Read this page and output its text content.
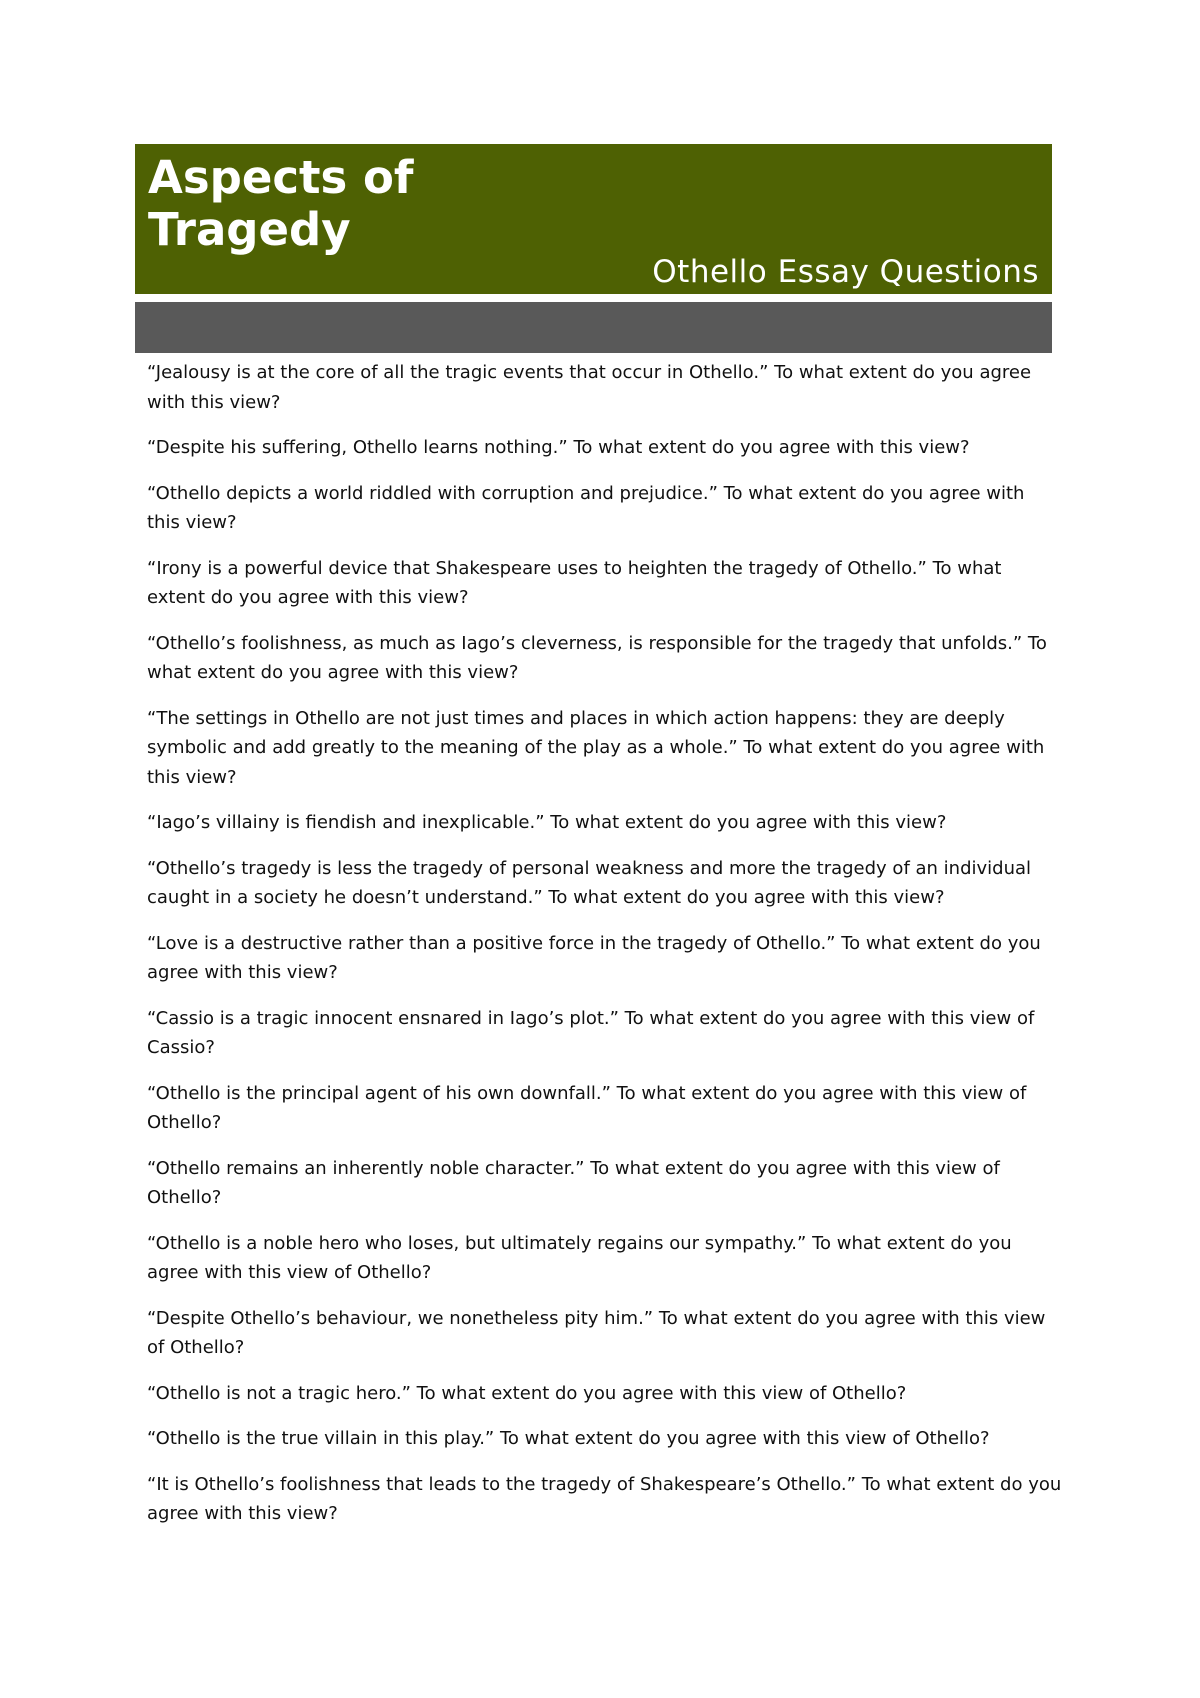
Aspects of Tragedy
Othello Essay Questions
“Jealousy is at the core of all the tragic events that occur in Othello.” To what extent do you agree with this view?
“Despite his suffering, Othello learns nothing.” To what extent do you agree with this view?
“Othello depicts a world riddled with corruption and prejudice.” To what extent do you agree with this view?
“Irony is a powerful device that Shakespeare uses to heighten the tragedy of Othello.” To what extent do you agree with this view?
“Othello’s foolishness, as much as Iago’s cleverness, is responsible for the tragedy that unfolds.” To what extent do you agree with this view?
“The settings in Othello are not just times and places in which action happens: they are deeply symbolic and add greatly to the meaning of the play as a whole.” To what extent do you agree with this view?
“Iago’s villainy is fiendish and inexplicable.” To what extent do you agree with this view?
“Othello’s tragedy is less the tragedy of personal weakness and more the tragedy of an individual caught in a society he doesn’t understand.” To what extent do you agree with this view?
“Love is a destructive rather than a positive force in the tragedy of Othello.” To what extent do you agree with this view?
“Cassio is a tragic innocent ensnared in Iago’s plot.” To what extent do you agree with this view of Cassio?
“Othello is the principal agent of his own downfall.” To what extent do you agree with this view of Othello?
“Othello remains an inherently noble character.” To what extent do you agree with this view of Othello?
“Othello is a noble hero who loses, but ultimately regains our sympathy.” To what extent do you agree with this view of Othello?
“Despite Othello’s behaviour, we nonetheless pity him.” To what extent do you agree with this view of Othello?
“Othello is not a tragic hero.” To what extent do you agree with this view of Othello?
“Othello is the true villain in this play.” To what extent do you agree with this view of Othello?
“It is Othello’s foolishness that leads to the tragedy of Shakespeare’s Othello.” To what extent do you agree with this view?
